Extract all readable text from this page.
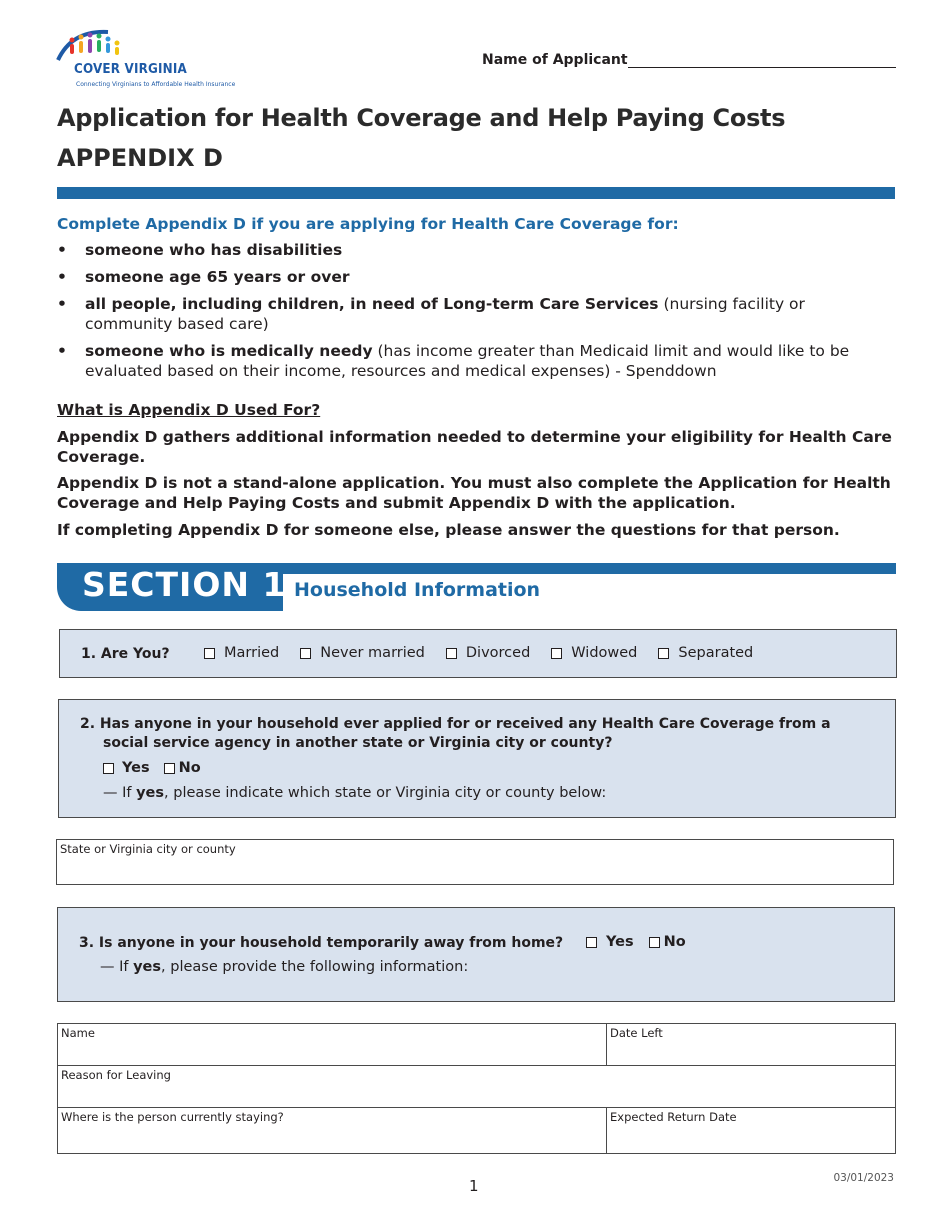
COVER VIRGINIA
Connecting Virginians to Affordable Health Insurance
Name of Applicant
Application for Health Coverage and Help Paying Costs
APPENDIX D
Complete Appendix D if you are applying for Health Care Coverage for:
• someone who has disabilities
• someone age 65 years or over
• all people, including children, in need of Long-term Care Services (nursing facility or community based care)
• someone who is medically needy (has income greater than Medicaid limit and would like to be evaluated based on their income, resources and medical expenses) - Spenddown
What is Appendix D Used For?
Appendix D gathers additional information needed to determine your eligibility for Health Care Coverage.
Appendix D is not a stand-alone application. You must also complete the Application for Health Coverage and Help Paying Costs and submit Appendix D with the application.
If completing Appendix D for someone else, please answer the questions for that person.
SECTION 1 Household Information
1. Are You?	Married	Never married	Divorced	Widowed	Separated
2. Has anyone in your household ever applied for or received any Health Care Coverage from a
social service agency in another state or Virginia city or county?
Yes No
— If yes, please indicate which state or Virginia city or county below:
State or Virginia city or county
3. Is anyone in your household temporarily away from home?	Yes No
— If yes, please provide the following information:
Name	Date Left
Reason for Leaving
Where is the person currently staying?	Expected Return Date
03/01/2023
1
